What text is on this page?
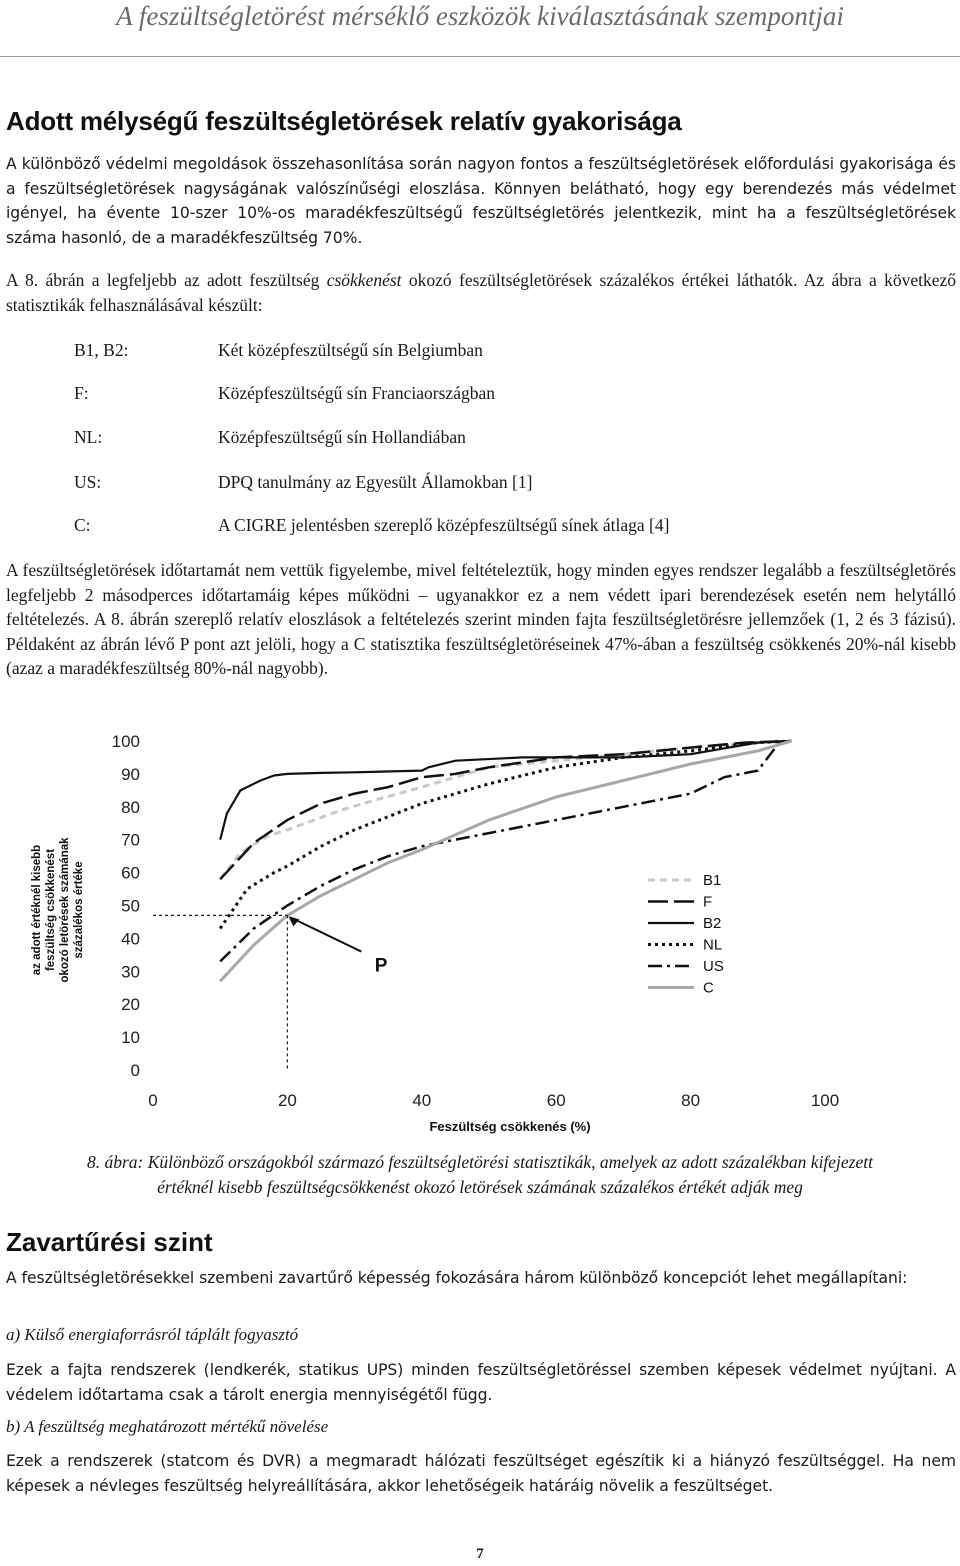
A feszültségletörést mérséklő eszközök kiválasztásának szempontjai
Adott mélységű feszültségletörések relatív gyakorisága
A különböző védelmi megoldások összehasonlítása során nagyon fontos a feszültségletörések előfordulási gyakorisága és a feszültségletörések nagyságának valószínűségi eloszlása. Könnyen belátható, hogy egy berendezés más védelmet igényel, ha évente 10-szer 10%-os maradékfeszültségű feszültségletörés jelentkezik, mint ha a feszültségletörések száma hasonló, de a maradékfeszültség 70%.
A 8. ábrán a legfeljebb az adott feszültség csökkenést okozó feszültségletörések százalékos értékei láthatók. Az ábra a következő statisztikák felhasználásával készült:
B1, B2:	Két középfeszültségű sín Belgiumban
F:	Középfeszültségű sín Franciaországban
NL:	Középfeszültségű sín Hollandiában
US:	DPQ tanulmány az Egyesült Államokban [1]
C:	A CIGRE jelentésben szereplő középfeszültségű sínek átlaga [4]
A feszültségletörések időtartamát nem vettük figyelembe, mivel feltételeztük, hogy minden egyes rendszer legalább a feszültségletörés legfeljebb 2 másodperces időtartamáig képes működni – ugyanakkor ez a nem védett ipari berendezések esetén nem helytálló feltételezés. A 8. ábrán szereplő relatív eloszlások a feltételezés szerint minden fajta feszültségletörésre jellemzőek (1, 2 és 3 fázisú). Példaként az ábrán lévő P pont azt jelöli, hogy a C statisztika feszültségletöréseinek 47%-ában a feszültség csökkenés 20%-nál kisebb (azaz a maradékfeszültség 80%-nál nagyobb).
az adott értéknél kisebb feszültség csökkenést okozó letörések számának százalékos értéke
0
10
20
30
40
50
60
70
80
90
100
0	20	40	60	80	100
P
B1
F
B2
NL
US
C
Feszültség csökkenés (%)
8. ábra: Különböző országokból származó feszültségletörési statisztikák, amelyek az adott százalékban kifejezett
értéknél kisebb feszültségcsökkenést okozó letörések számának százalékos értékét adják meg
Zavartűrési szint
A feszültségletörésekkel szembeni zavartűrő képesség fokozására három különböző koncepciót lehet megállapítani:
a) Külső energiaforrásról táplált fogyasztó
Ezek a fajta rendszerek (lendkerék, statikus UPS) minden feszültségletöréssel szemben képesek védelmet nyújtani. A védelem időtartama csak a tárolt energia mennyiségétől függ.
b) A feszültség meghatározott mértékű növelése
Ezek a rendszerek (statcom és DVR) a megmaradt hálózati feszültséget egészítik ki a hiányzó feszültséggel. Ha nem képesek a névleges feszültség helyreállítására, akkor lehetőségeik határáig növelik a feszültséget.
7
